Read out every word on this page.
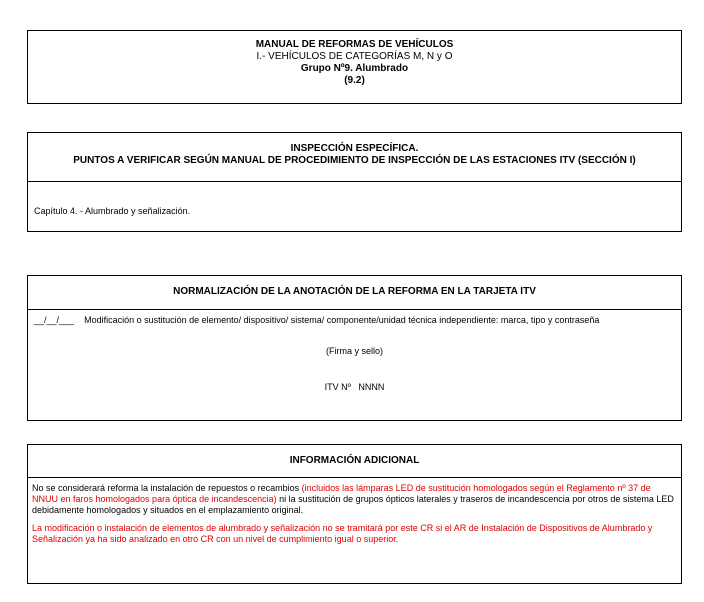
MANUAL DE REFORMAS DE VEHÍCULOS
I.- VEHÍCULOS DE CATEGORÍAS M, N y O
Grupo Nº9. Alumbrado
(9.2)
INSPECCIÓN ESPECÍFICA.
PUNTOS A VERIFICAR SEGÚN MANUAL DE PROCEDIMIENTO DE INSPECCIÓN DE LAS ESTACIONES ITV (SECCIÓN I)
Capítulo 4. - Alumbrado y señalización.
NORMALIZACIÓN DE LA ANOTACIÓN DE LA REFORMA EN LA TARJETA ITV
__/__/___ Modificación o sustitución de elemento/ dispositivo/ sistema/ componente/unidad técnica independiente: marca, tipo y contraseña
(Firma y sello)
ITV Nº   NNNN
INFORMACIÓN ADICIONAL
No se considerará reforma la instalación de repuestos o recambios (incluidos las lámparas LED de sustitución homologados según el Reglamento nº 37 de NNUU en faros homologados para óptica de incandescencia) ni la sustitución de grupos ópticos laterales y traseros de incandescencia por otros de sistema LED debidamente homologados y situados en el emplazamiento original.
La modificación o instalación de elementos de alumbrado y señalización no se tramitará por este CR si el AR de Instalación de Dispositivos de Alumbrado y Señalización ya ha sido analizado en otro CR con un nivel de cumplimiento igual o superior.
